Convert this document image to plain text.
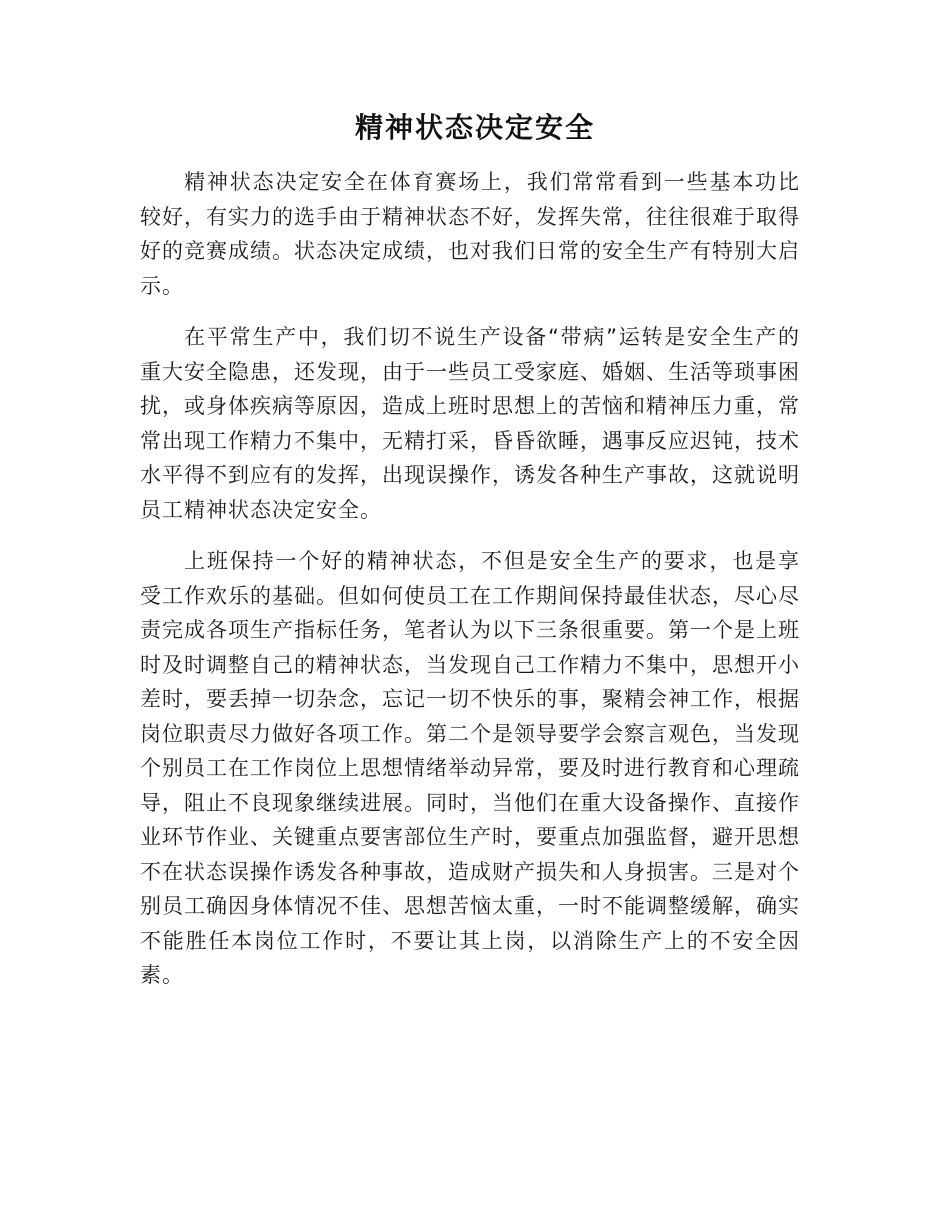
精神状态决定安全

精神状态决定安全在体育赛场上，我们常常看到一些基本功比较好，有实力的选手由于精神状态不好，发挥失常，往往很难于取得好的竞赛成绩。状态决定成绩，也对我们日常的安全生产有特别大启示。

在平常生产中，我们切不说生产设备“带病”运转是安全生产的重大安全隐患，还发现，由于一些员工受家庭、婚姻、生活等琐事困扰，或身体疾病等原因，造成上班时思想上的苦恼和精神压力重，常常出现工作精力不集中，无精打采，昏昏欲睡，遇事反应迟钝，技术水平得不到应有的发挥，出现误操作，诱发各种生产事故，这就说明员工精神状态决定安全。

上班保持一个好的精神状态，不但是安全生产的要求，也是享受工作欢乐的基础。但如何使员工在工作期间保持最佳状态，尽心尽责完成各项生产指标任务，笔者认为以下三条很重要。第一个是上班时及时调整自己的精神状态，当发现自己工作精力不集中，思想开小差时，要丢掉一切杂念，忘记一切不快乐的事，聚精会神工作，根据岗位职责尽力做好各项工作。第二个是领导要学会察言观色，当发现个别员工在工作岗位上思想情绪举动异常，要及时进行教育和心理疏导，阻止不良现象继续进展。同时，当他们在重大设备操作、直接作业环节作业、关键重点要害部位生产时，要重点加强监督，避开思想不在状态误操作诱发各种事故，造成财产损失和人身损害。三是对个别员工确因身体情况不佳、思想苦恼太重，一时不能调整缓解，确实不能胜任本岗位工作时，不要让其上岗，以消除生产上的不安全因素。
